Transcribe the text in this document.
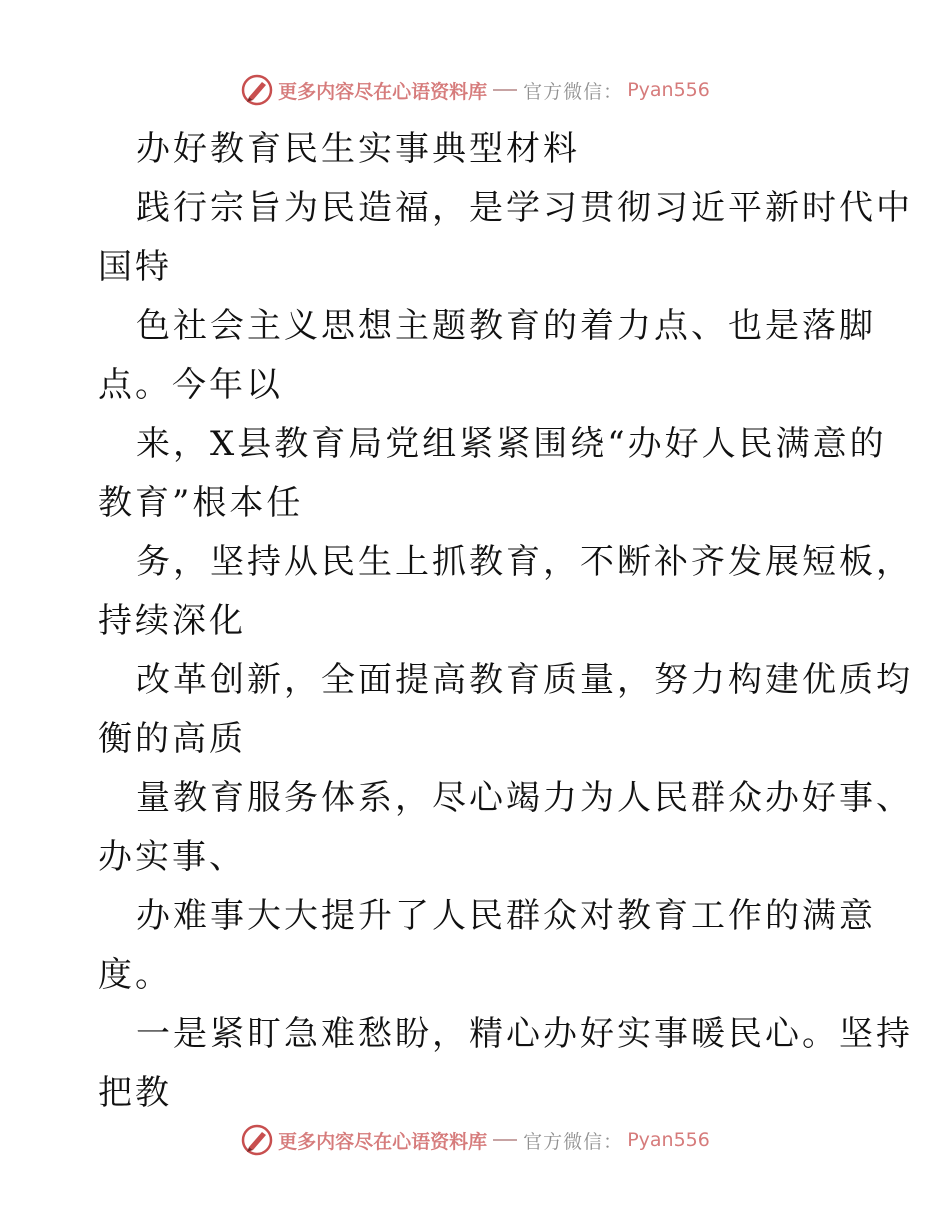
更多内容尽在心语资料库 官方微信： Pyan556
办好教育民生实事典型材料
践行宗旨为民造福，是学习贯彻习近平新时代中
国特
色社会主义思想主题教育的着力点、也是落脚
点。今年以
来，X县教育局党组紧紧围绕“办好人民满意的
教育”根本任
务，坚持从民生上抓教育，不断补齐发展短板，
持续深化
改革创新，全面提高教育质量，努力构建优质均
衡的高质
量教育服务体系，尽心竭力为人民群众办好事、
办实事、
办难事大大提升了人民群众对教育工作的满意
度。
一是紧盯急难愁盼，精心办好实事暖民心。坚持
把教
更多内容尽在心语资料库 官方微信： Pyan556
